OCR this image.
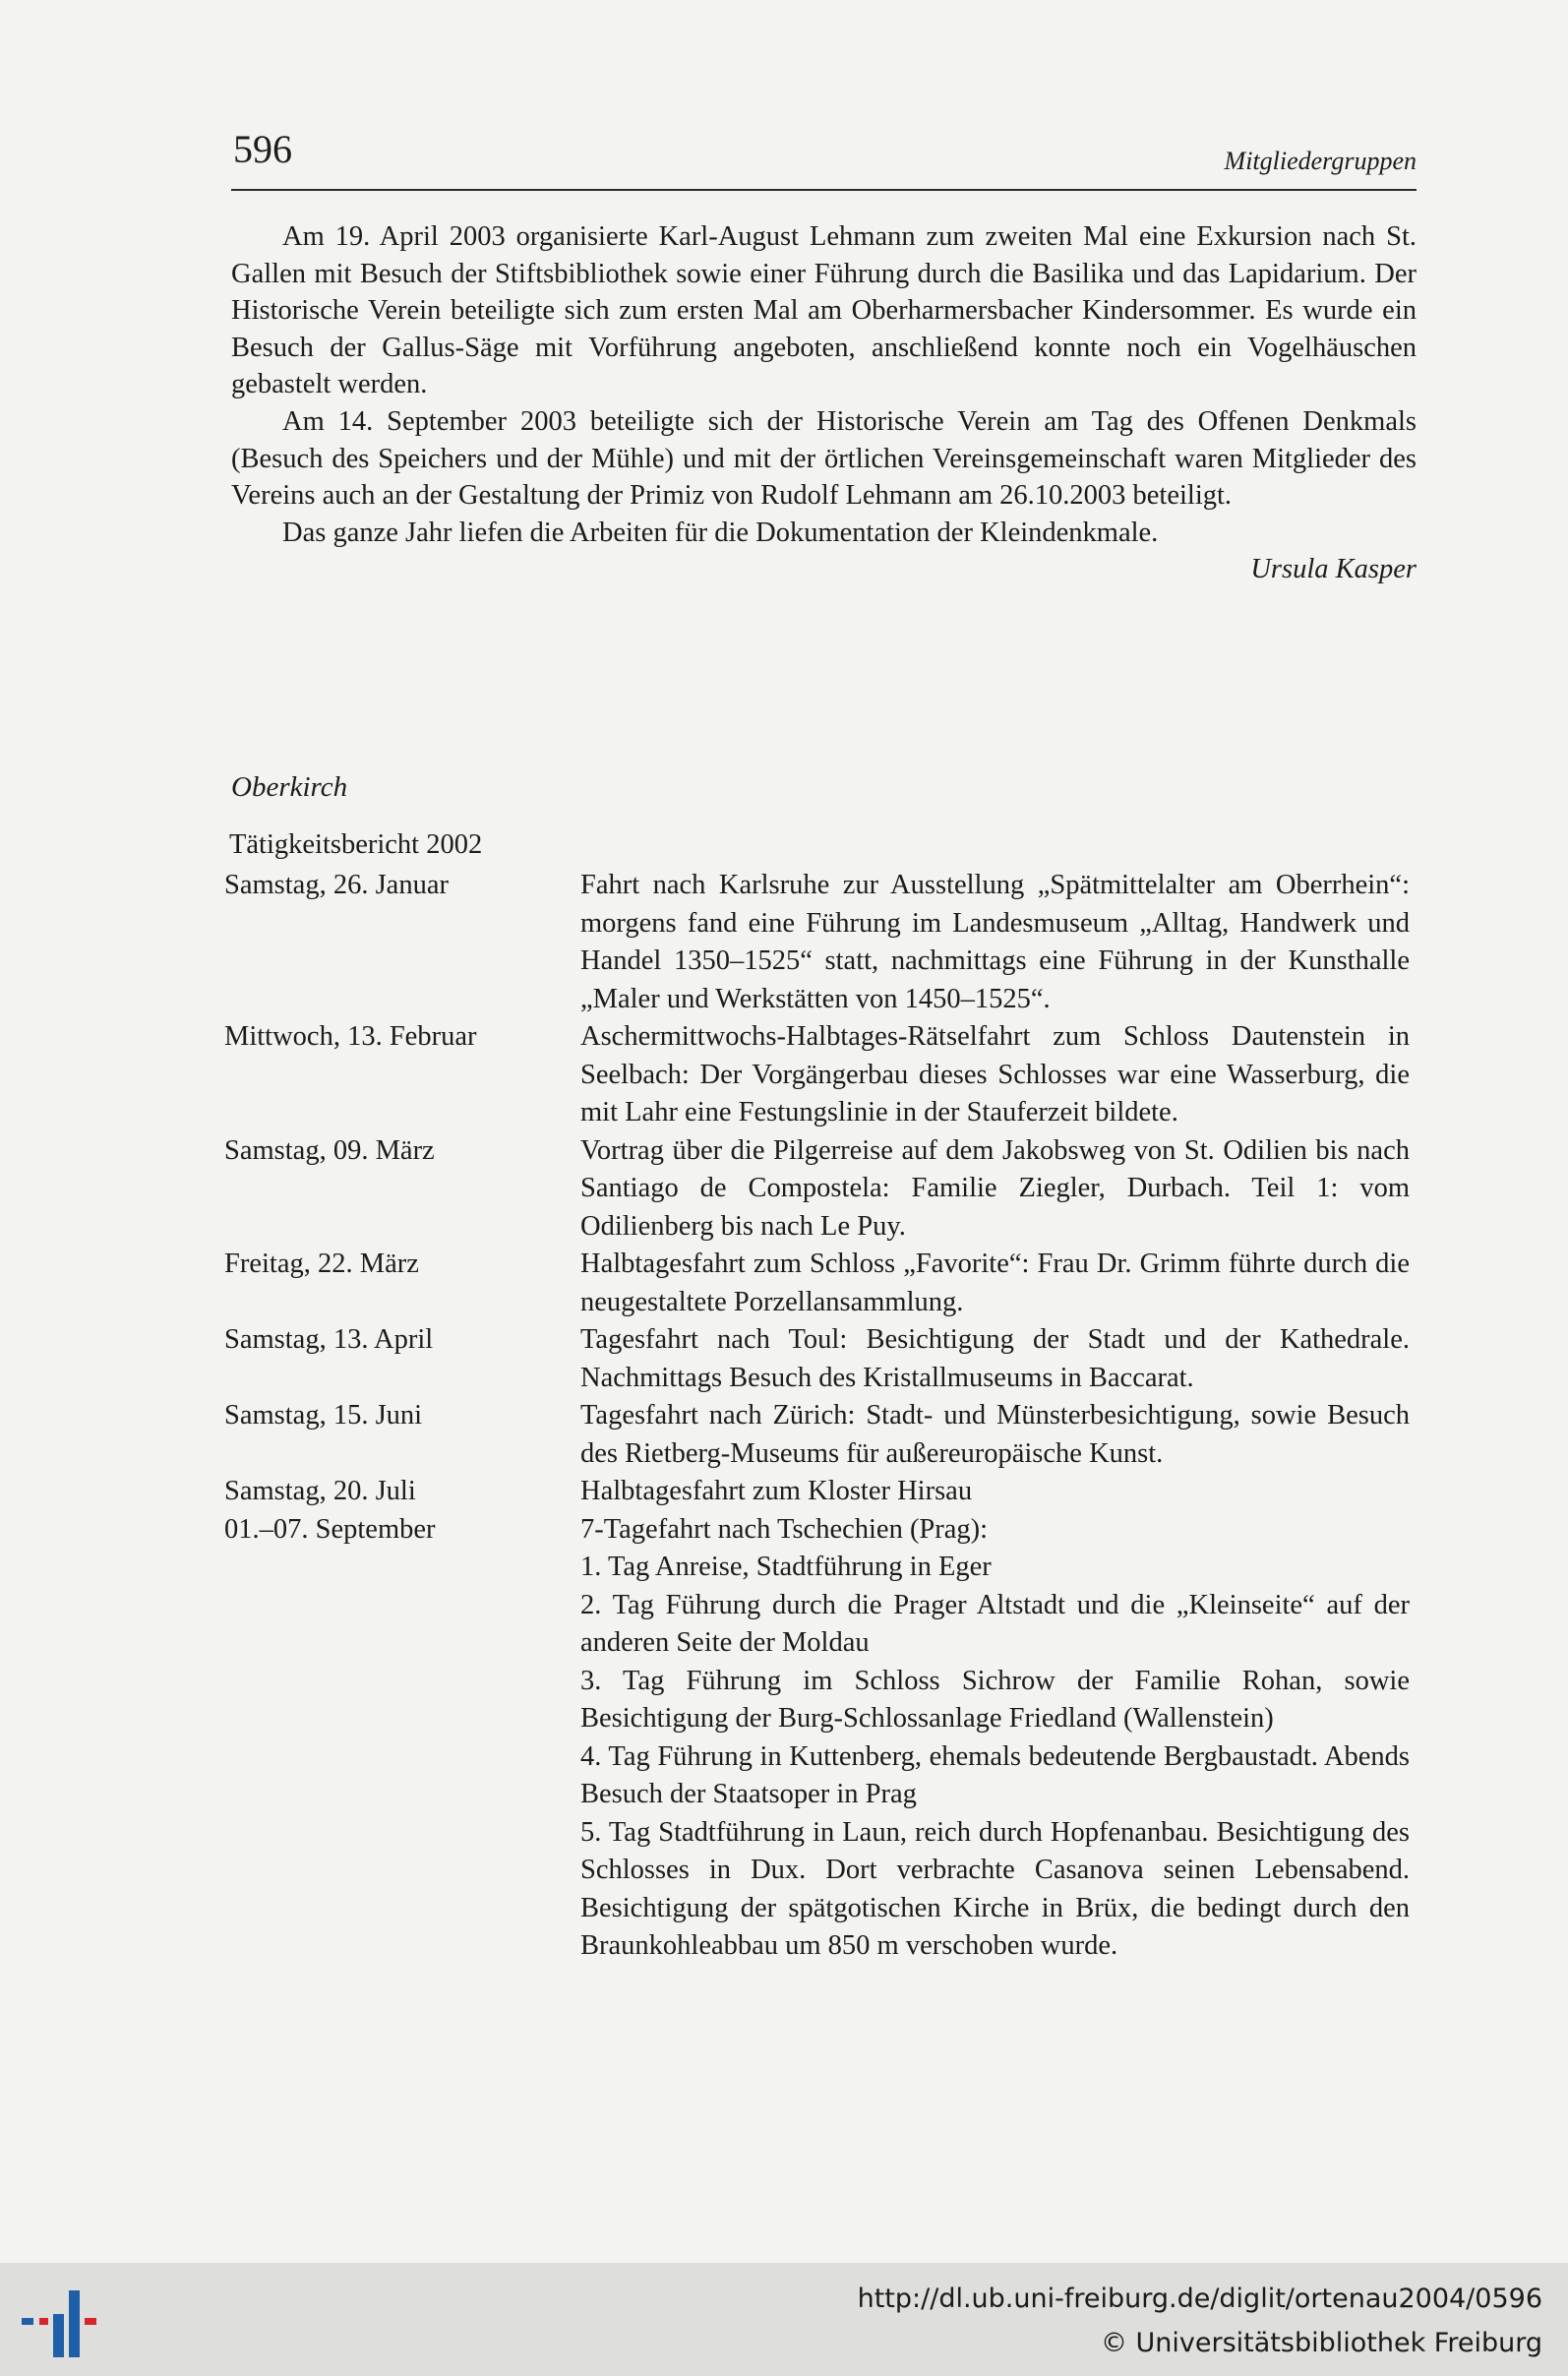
596	Mitgliedergruppen

Am 19. April 2003 organisierte Karl-August Lehmann zum zweiten Mal eine Exkursion nach St. Gallen mit Besuch der Stiftsbibliothek sowie einer Führung durch die Basilika und das Lapidarium. Der Historische Verein beteiligte sich zum ersten Mal am Oberharmersbacher Kindersommer. Es wurde ein Besuch der Gallus-Säge mit Vorführung angeboten, anschließend konnte noch ein Vogelhäuschen gebastelt werden.

Am 14. September 2003 beteiligte sich der Historische Verein am Tag des Offenen Denkmals (Besuch des Speichers und der Mühle) und mit der örtlichen Vereinsgemeinschaft waren Mitglieder des Vereins auch an der Gestaltung der Primiz von Rudolf Lehmann am 26.10.2003 beteiligt.

Das ganze Jahr liefen die Arbeiten für die Dokumentation der Kleindenkmale.

Ursula Kasper
Oberkirch
Tätigkeitsbericht 2002
Samstag, 26. Januar	Fahrt nach Karlsruhe zur Ausstellung „Spätmittelalter am Oberrhein“: morgens fand eine Führung im Landesmuseum „Alltag, Handwerk und Handel 1350–1525“ statt, nachmittags eine Führung in der Kunsthalle „Maler und Werkstätten von 1450–1525“.
Mittwoch, 13. Februar	Aschermittwochs-Halbtages-Rätselfahrt zum Schloss Dautenstein in Seelbach: Der Vorgängerbau dieses Schlosses war eine Wasserburg, die mit Lahr eine Festungslinie in der Stauferzeit bildete.
Samstag, 09. März	Vortrag über die Pilgerreise auf dem Jakobsweg von St. Odilien bis nach Santiago de Compostela: Familie Ziegler, Durbach. Teil 1: vom Odilienberg bis nach Le Puy.
Freitag, 22. März	Halbtagesfahrt zum Schloss „Favorite“: Frau Dr. Grimm führte durch die neugestaltete Porzellansammlung.
Samstag, 13. April	Tagesfahrt nach Toul: Besichtigung der Stadt und der Kathedrale. Nachmittags Besuch des Kristallmuseums in Baccarat.
Samstag, 15. Juni	Tagesfahrt nach Zürich: Stadt- und Münsterbesichtigung, sowie Besuch des Rietberg-Museums für außereuropäische Kunst.
Samstag, 20. Juli	Halbtagesfahrt zum Kloster Hirsau
01.–07. September	7-Tagefahrt nach Tschechien (Prag):
1. Tag Anreise, Stadtführung in Eger
2. Tag Führung durch die Prager Altstadt und die „Kleinseite“ auf der anderen Seite der Moldau
3. Tag Führung im Schloss Sichrow der Familie Rohan, sowie Besichtigung der Burg-Schlossanlage Friedland (Wallenstein)
4. Tag Führung in Kuttenberg, ehemals bedeutende Bergbaustadt. Abends Besuch der Staatsoper in Prag
5. Tag Stadtführung in Laun, reich durch Hopfenanbau. Besichtigung des Schlosses in Dux. Dort verbrachte Casanova seinen Lebensabend. Besichtigung der spätgotischen Kirche in Brüx, die bedingt durch den Braunkohleabbau um 850 m verschoben wurde.
http://dl.ub.uni-freiburg.de/diglit/ortenau2004/0596
© Universitätsbibliothek Freiburg
